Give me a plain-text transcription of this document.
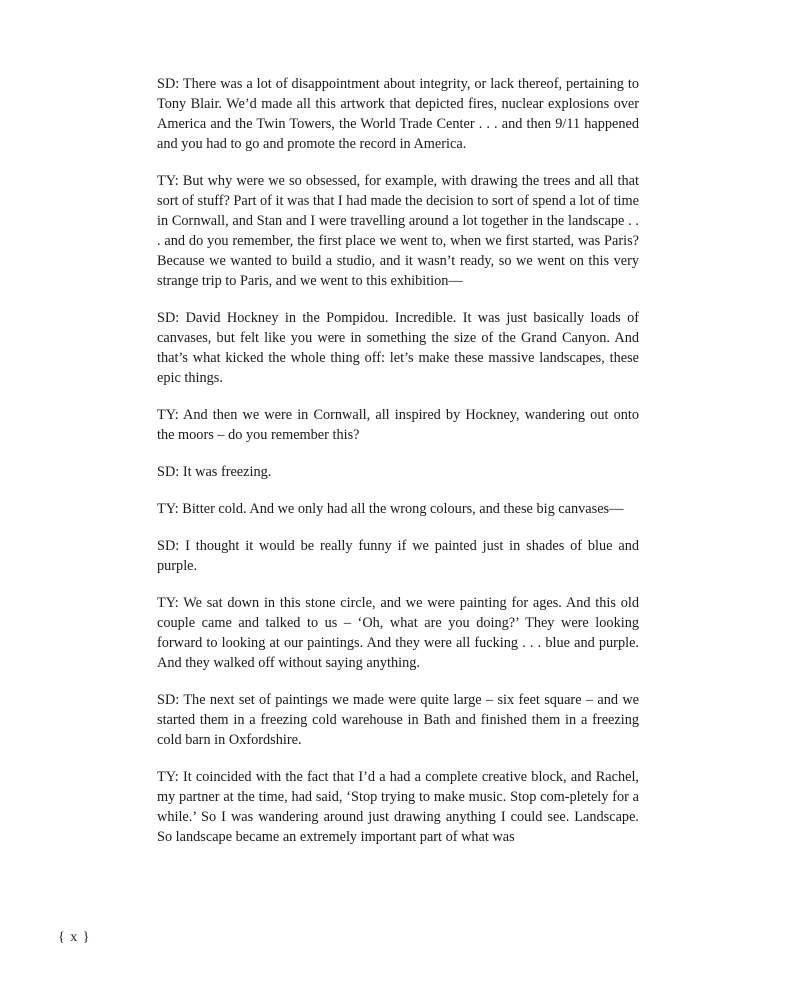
SD: There was a lot of disappointment about integrity, or lack thereof, pertaining to Tony Blair. We’d made all this artwork that depicted fires, nuclear explosions over America and the Twin Towers, the World Trade Center . . . and then 9/11 happened and you had to go and promote the record in America.

TY: But why were we so obsessed, for example, with drawing the trees and all that sort of stuff? Part of it was that I had made the decision to sort of spend a lot of time in Cornwall, and Stan and I were travelling around a lot together in the landscape . . . and do you remember, the first place we went to, when we first started, was Paris? Because we wanted to build a studio, and it wasn’t ready, so we went on this very strange trip to Paris, and we went to this exhibition—

SD: David Hockney in the Pompidou. Incredible. It was just basically loads of canvases, but felt like you were in something the size of the Grand Canyon. And that’s what kicked the whole thing off: let’s make these massive landscapes, these epic things.

TY: And then we were in Cornwall, all inspired by Hockney, wandering out onto the moors – do you remember this?

SD: It was freezing.

TY: Bitter cold. And we only had all the wrong colours, and these big canvases—

SD: I thought it would be really funny if we painted just in shades of blue and purple.

TY: We sat down in this stone circle, and we were painting for ages. And this old couple came and talked to us – ‘Oh, what are you doing?’ They were looking forward to looking at our paintings. And they were all fucking . . . blue and purple. And they walked off without saying anything.

SD: The next set of paintings we made were quite large – six feet square – and we started them in a freezing cold warehouse in Bath and finished them in a freezing cold barn in Oxfordshire.

TY: It coincided with the fact that I’d a had a complete creative block, and Rachel, my partner at the time, had said, ‘Stop trying to make music. Stop com-pletely for a while.’ So I was wandering around just drawing anything I could see. Landscape. So landscape became an extremely important part of what was

{ x }
